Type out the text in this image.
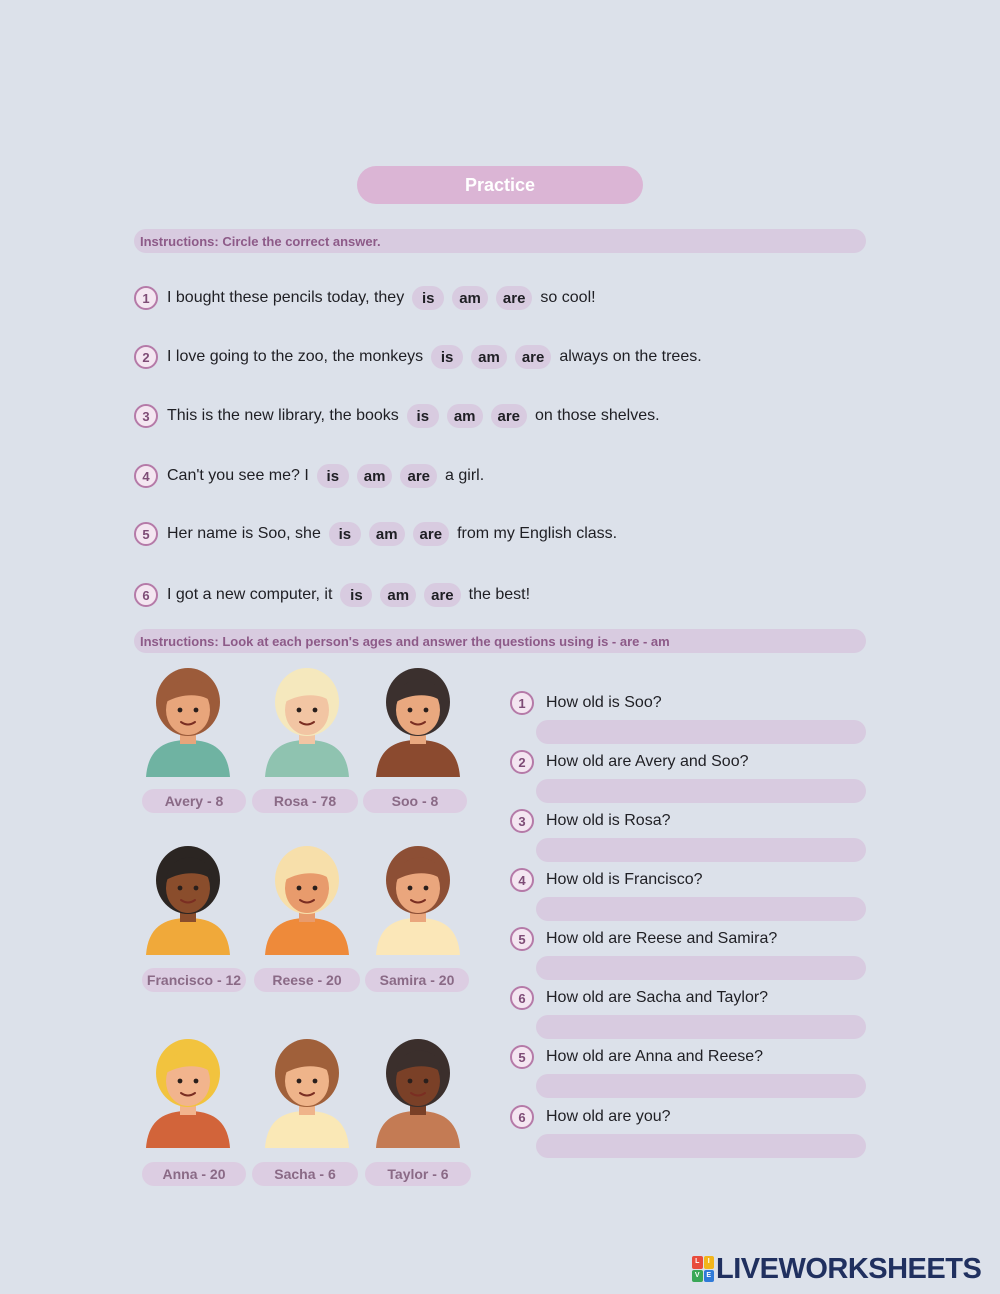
Practice
Instructions: Circle the correct answer.
1	I bought these pencils today, they	is	am	are so cool!
2	I love going to the zoo, the monkeys	is	am	are always on the trees.
3	This is the new library, the books	is	am	are on those shelves.
4	Can't you see me? I	is	am	are a girl.
5	Her name is Soo, she	is	am	are from my English class.
6	I got a new computer, it	is	am	are the best!
Instructions: Look at each person's ages and answer the questions using is - are - am
Avery - 8	Rosa - 78	Soo - 8
Francisco - 12	Reese - 20	Samira - 20
Anna - 20	Sacha - 6	Taylor - 6
1	How old is Soo?
2	How old are Avery and Soo?
3	How old is Rosa?
4	How old is Francisco?
5	How old are Reese and Samira?
6	How old are Sacha and Taylor?
5	How old are Anna and Reese?
6	How old are you?
L	I
V E LIVEWORKSHEETS
